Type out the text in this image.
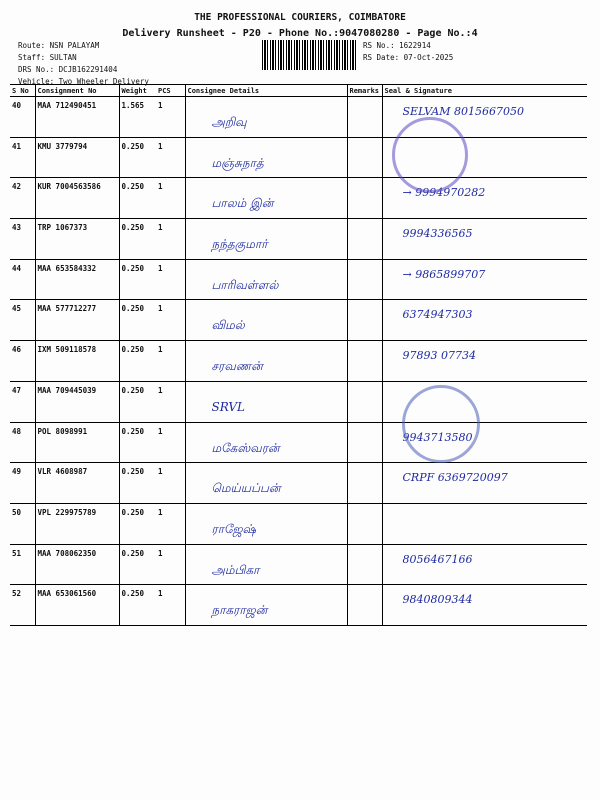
THE PROFESSIONAL COURIERS, COIMBATORE
Delivery Runsheet - P20 - Phone No.:9047080280 - Page No.:4
Route: NSN PALAYAM
Staff: SULTAN
DRS No.: DCJB162291404
Vehicle: Two Wheeler Delivery
RS No.: 1622914
RS Date: 07-Oct-2025
S No	Consignment No	Weight	PCS	Consignee Details	Remarks	Seal & Signature
40	MAA 712490451	1.565	1	அறிவு		SELVAM 8015667050

41	KMU 3779794	0.250	1	மஞ்சுநாத்		

42	KUR 7004563586	0.250	1	பாலம் இன்		→ 9994970282

43	TRP 1067373	0.250	1	நந்தகுமார்		9994336565

44	MAA 653584332	0.250	1	பாரிவள்ளல்		→ 9865899707

45	MAA 577712277	0.250	1	விமல்		6374947303

46	IXM 509118578	0.250	1	சரவணன்		97893 07734

47	MAA 709445039	0.250	1	SRVL		

48	POL 8098991	0.250	1	மகேஸ்வரன்		9943713580

49	VLR 4608987	0.250	1	மெய்யப்பன்		CRPF 6369720097

50	VPL 229975789	0.250	1	ராஜேஷ்		

51	MAA 708062350	0.250	1	அம்பிகா		8056467166

52	MAA 653061560	0.250	1	நாகராஜன்		9840809344
